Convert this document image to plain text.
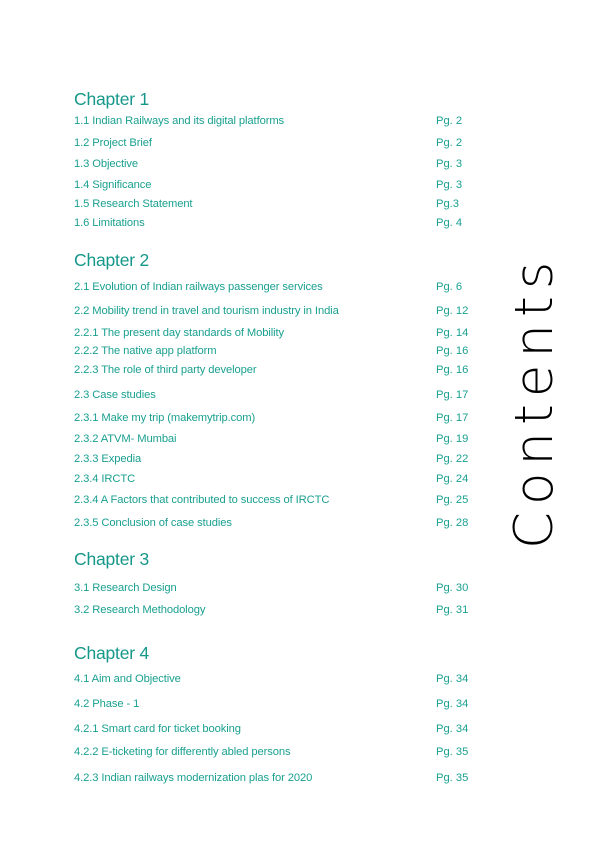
Chapter 1
1.1 Indian Railways and its digital platforms	Pg. 2
1.2 Project Brief	Pg. 2
1.3 Objective	Pg. 3
1.4 Significance	Pg. 3
1.5 Research Statement	Pg.3
1.6 Limitations	Pg. 4
Chapter 2
2.1 Evolution of Indian railways passenger services	Pg. 6
2.2 Mobility trend in travel and tourism industry in India	Pg. 12
2.2.1 The present day standards of Mobility	Pg. 14
2.2.2 The native app platform	Pg. 16
2.2.3 The role of third party developer	Pg. 16
2.3 Case studies	Pg. 17
2.3.1 Make my trip (makemytrip.com)	Pg. 17
2.3.2 ATVM- Mumbai	Pg. 19
2.3.3 Expedia	Pg. 22
2.3.4 IRCTC	Pg. 24
2.3.4 A Factors that contributed to success of IRCTC	Pg. 25
2.3.5 Conclusion of case studies	Pg. 28
Chapter 3
3.1 Research Design	Pg. 30
3.2 Research Methodology	Pg. 31
Chapter 4
4.1 Aim and Objective	Pg. 34
4.2 Phase - 1	Pg. 34
4.2.1 Smart card for ticket booking	Pg. 34
4.2.2 E-ticketing for differently abled persons	Pg. 35
4.2.3 Indian railways modernization plas for 2020	Pg. 35
Contents
